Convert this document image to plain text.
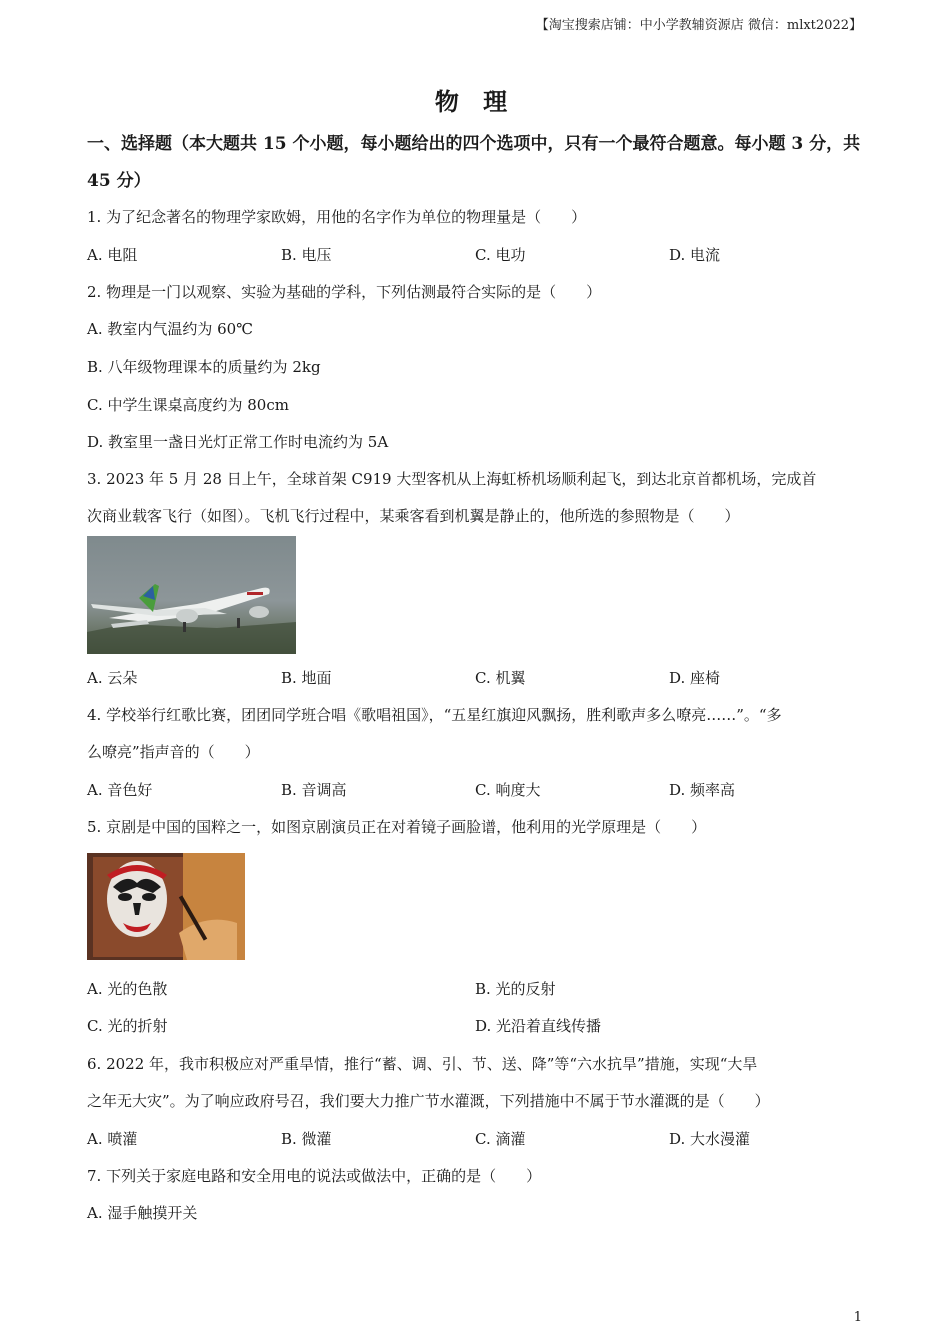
【淘宝搜索店铺：中小学教辅资源店 微信：mlxt2022】
物 理
一、选择题（本大题共 15 个小题，每小题给出的四个选项中，只有一个最符合题意。每小题 3 分，共 45 分）
1. 为了纪念著名的物理学家欧姆，用他的名字作为单位的物理量是（　　）
A. 电阻	B. 电压	C. 电功	D. 电流
2. 物理是一门以观察、实验为基础的学科，下列估测最符合实际的是（　　）
A. 教室内气温约为 60℃
B. 八年级物理课本的质量约为 2kg
C. 中学生课桌高度约为 80cm
D. 教室里一盏日光灯正常工作时电流约为 5A
3. 2023 年 5 月 28 日上午，全球首架 C919 大型客机从上海虹桥机场顺利起飞，到达北京首都机场，完成首
次商业载客飞行（如图）。飞机飞行过程中，某乘客看到机翼是静止的，他所选的参照物是（　　）
A. 云朵	B. 地面	C. 机翼	D. 座椅
4. 学校举行红歌比赛，团团同学班合唱《歌唱祖国》，“五星红旗迎风飘扬，胜利歌声多么嘹亮……”。“多
么嘹亮”指声音的（　　）
A. 音色好	B. 音调高	C. 响度大	D. 频率高
5. 京剧是中国的国粹之一，如图京剧演员正在对着镜子画脸谱，他利用的光学原理是（　　）
A. 光的色散	B. 光的反射
C. 光的折射	D. 光沿着直线传播
6. 2022 年，我市积极应对严重旱情，推行“蓄、调、引、节、送、降”等“六水抗旱”措施，实现“大旱
之年无大灾”。为了响应政府号召，我们要大力推广节水灌溉，下列措施中不属于节水灌溉的是（　　）
A. 喷灌	B. 微灌	C. 滴灌	D. 大水漫灌
7. 下列关于家庭电路和安全用电的说法或做法中，正确的是（　　）
A. 湿手触摸开关
1
